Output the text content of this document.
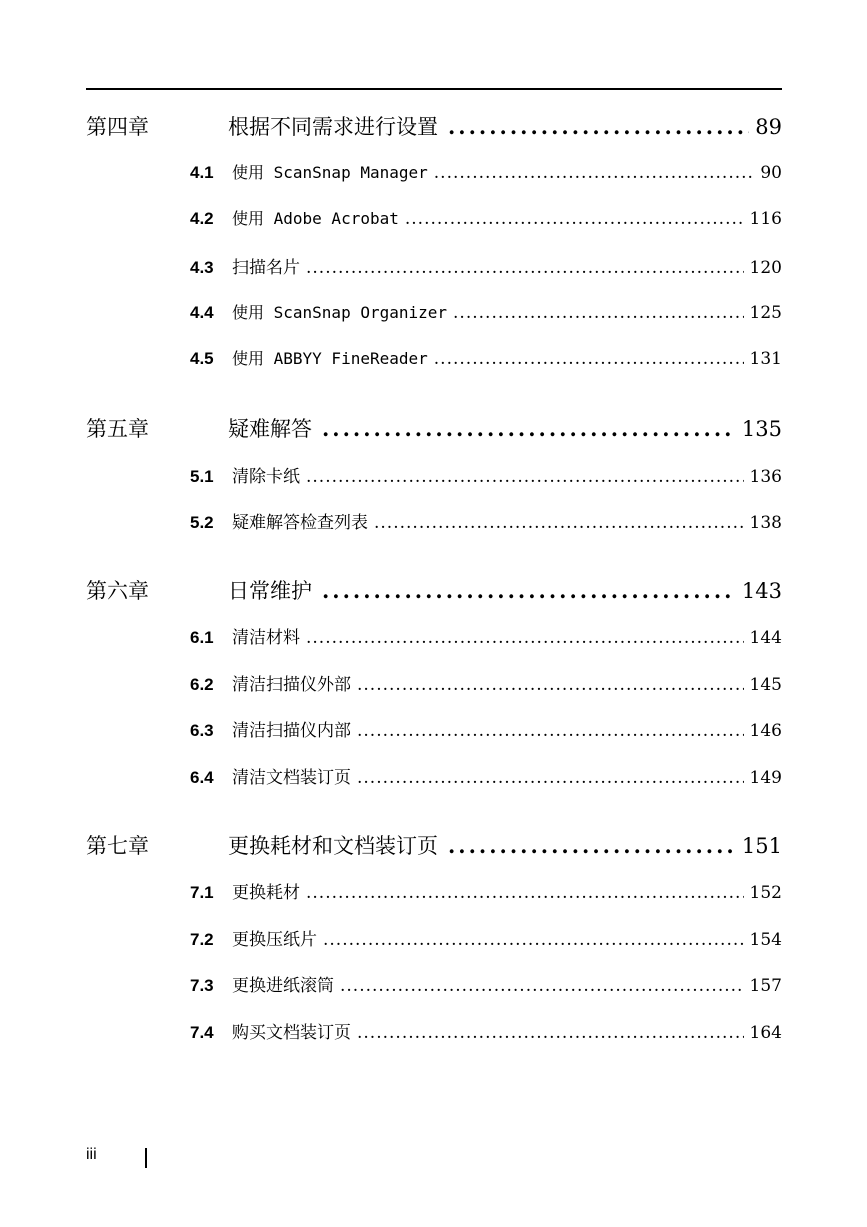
第四章	根据不同需求进行设置 .....	89
4.1	使用 ScanSnap Manager .....	90
4.2	使用 Adobe Acrobat .....	116
4.3	扫描名片 .....	120
4.4	使用 ScanSnap Organizer .....	125
4.5	使用 ABBYY FineReader .....	131
第五章	疑难解答 .....	135
5.1	清除卡纸 .....	136
5.2	疑难解答检查列表 .....	138
第六章	日常维护 .....	143
6.1	清洁材料 .....	144
6.2	清洁扫描仪外部 .....	145
6.3	清洁扫描仪内部 .....	146
6.4	清洁文档装订页 .....	149
第七章	更换耗材和文档装订页 .....	151
7.1	更换耗材 .....	152
7.2	更换压纸片 .....	154
7.3	更换进纸滚筒 .....	157
7.4	购买文档装订页 .....	164
iii
